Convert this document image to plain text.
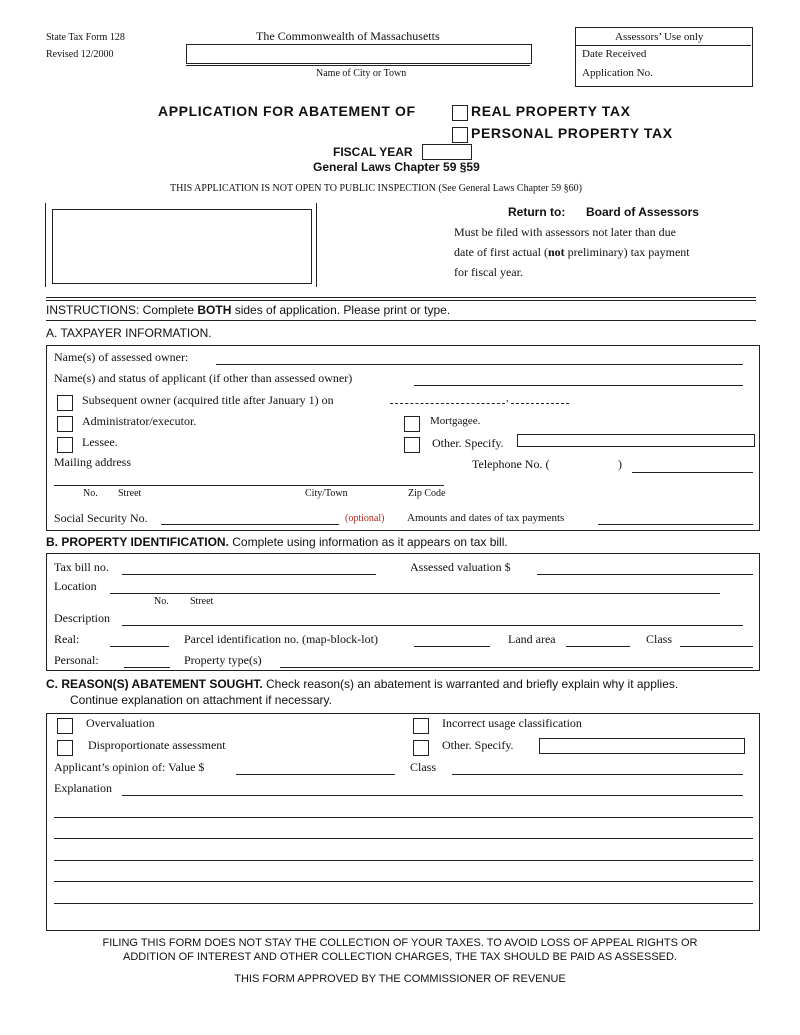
State Tax Form 128
Revised 12/2000
The Commonwealth of Massachusetts
Name of City or Town
Assessors’ Use only
Date Received
Application No.
APPLICATION FOR ABATEMENT OF	REAL PROPERTY TAX
PERSONAL PROPERTY TAX
FISCAL YEAR
General Laws Chapter 59 §59
THIS APPLICATION IS NOT OPEN TO PUBLIC INSPECTION (See General Laws Chapter 59 §60)
Return to: Board of Assessors
Must be filed with assessors not later than due
date of first actual (not preliminary) tax payment
for fiscal year.
INSTRUCTIONS: Complete BOTH sides of application. Please print or type.
A. TAXPAYER INFORMATION.
Name(s) of assessed owner:
Name(s) and status of applicant (if other than assessed owner)
Subsequent owner (acquired title after January 1) on	,
Administrator/executor.	Mortgagee.
Lessee.	Other. Specify.
Mailing address	Telephone No. (	)
No. Street	City/Town	Zip Code
Social Security No.	(optional) Amounts and dates of tax payments
B. PROPERTY IDENTIFICATION. Complete using information as it appears on tax bill.
Tax bill no.	Assessed valuation $
Location
No. Street
Description
Real:	Parcel identification no. (map-block-lot)	Land area	Class
Personal:	Property type(s)
C. REASON(S) ABATEMENT SOUGHT. Check reason(s) an abatement is warranted and briefly explain why it applies.
Continue explanation on attachment if necessary.
Overvaluation	Incorrect usage classification
Disproportionate assessment	Other. Specify.
Applicant’s opinion of: Value $	Class
Explanation
FILING THIS FORM DOES NOT STAY THE COLLECTION OF YOUR TAXES. TO AVOID LOSS OF APPEAL RIGHTS OR
ADDITION OF INTEREST AND OTHER COLLECTION CHARGES, THE TAX SHOULD BE PAID AS ASSESSED.
THIS FORM APPROVED BY THE COMMISSIONER OF REVENUE
